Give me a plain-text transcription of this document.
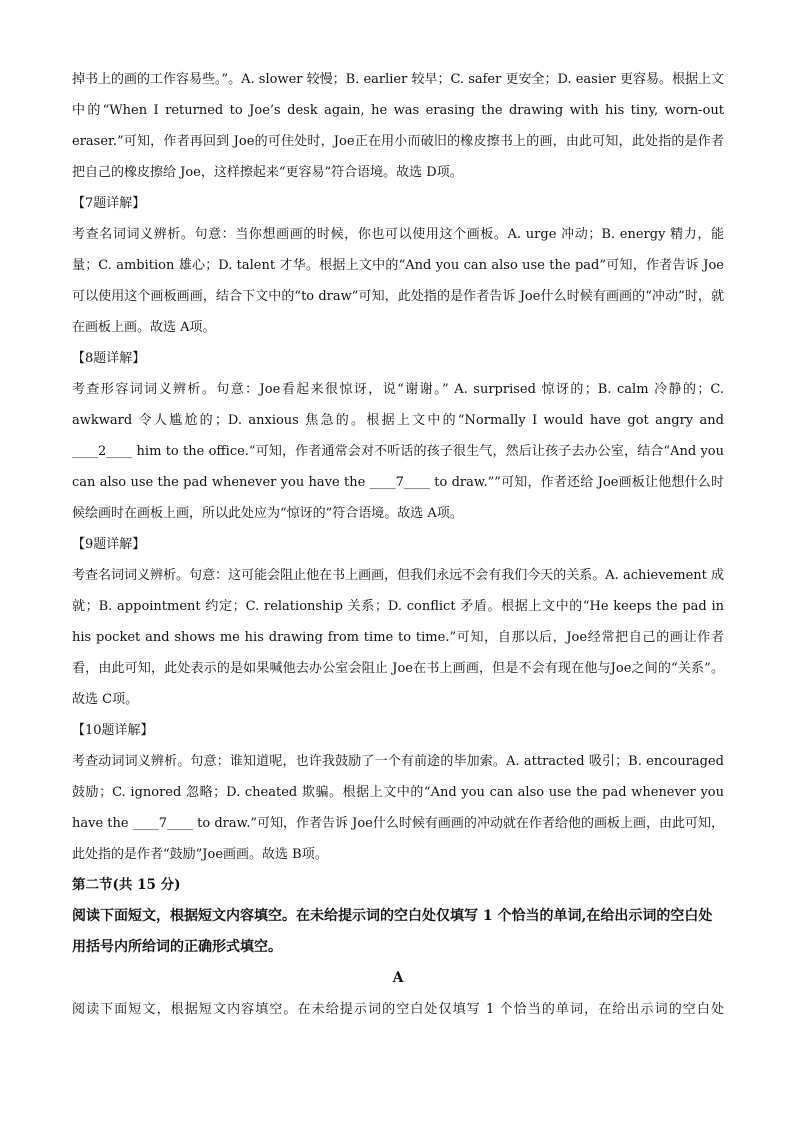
掉书上的画的工作容易些。”。A. slower 较慢；B. earlier 较早；C. safer 更安全；D. easier 更容易。根据上文中的“When I returned to Joe’s desk again, he was erasing the drawing with his tiny, worn-out eraser.”可知，作者再回到 Joe的可住处时，Joe正在用小而破旧的橡皮擦书上的画，由此可知，此处指的是作者把自己的橡皮擦给 Joe，这样擦起来“更容易”符合语境。故选 D项。

【7题详解】

考查名词词义辨析。句意：当你想画画的时候，你也可以使用这个画板。A. urge 冲动；B. energy 精力，能量；C. ambition 雄心；D. talent 才华。根据上文中的“And you can also use the pad”可知，作者告诉 Joe可以使用这个画板画画，结合下文中的“to draw”可知，此处指的是作者告诉 Joe什么时候有画画的“冲动”时，就在画板上画。故选 A项。

【8题详解】

考查形容词词义辨析。句意：Joe看起来很惊讶，说“谢谢。” A. surprised 惊讶的；B. calm 冷静的；C. awkward 令人尴尬的；D. anxious 焦急的。根据上文中的“Normally I would have got angry and ____2____ him to the office.”可知，作者通常会对不听话的孩子很生气，然后让孩子去办公室，结合“And you can also use the pad whenever you have the ____7____ to draw.””可知，作者还给 Joe画板让他想什么时候绘画时在画板上画，所以此处应为“惊讶的”符合语境。故选 A项。

【9题详解】

考查名词词义辨析。句意：这可能会阻止他在书上画画，但我们永远不会有我们今天的关系。A. achievement 成就；B. appointment 约定；C. relationship 关系；D. conflict 矛盾。根据上文中的“He keeps the pad in his pocket and shows me his drawing from time to time.”可知，自那以后，Joe经常把自己的画让作者看，由此可知，此处表示的是如果喊他去办公室会阻止 Joe在书上画画，但是不会有现在他与Joe之间的“关系”。故选 C项。

【10题详解】

考查动词词义辨析。句意：谁知道呢，也许我鼓励了一个有前途的毕加索。A. attracted 吸引；B. encouraged 鼓励；C. ignored 忽略；D. cheated 欺骗。根据上文中的“And you can also use the pad whenever you have the ____7____ to draw.”可知，作者告诉 Joe什么时候有画画的冲动就在作者给他的画板上画，由此可知，此处指的是作者“鼓励”Joe画画。故选 B项。

第二节(共 15 分)

阅读下面短文，根据短文内容填空。在未给提示词的空白处仅填写 1 个恰当的单词,在给出示词的空白处用括号内所给词的正确形式填空。

A

阅读下面短文，根据短文内容填空。在未给提示词的空白处仅填写 1 个恰当的单词，在给出示词的空白处
